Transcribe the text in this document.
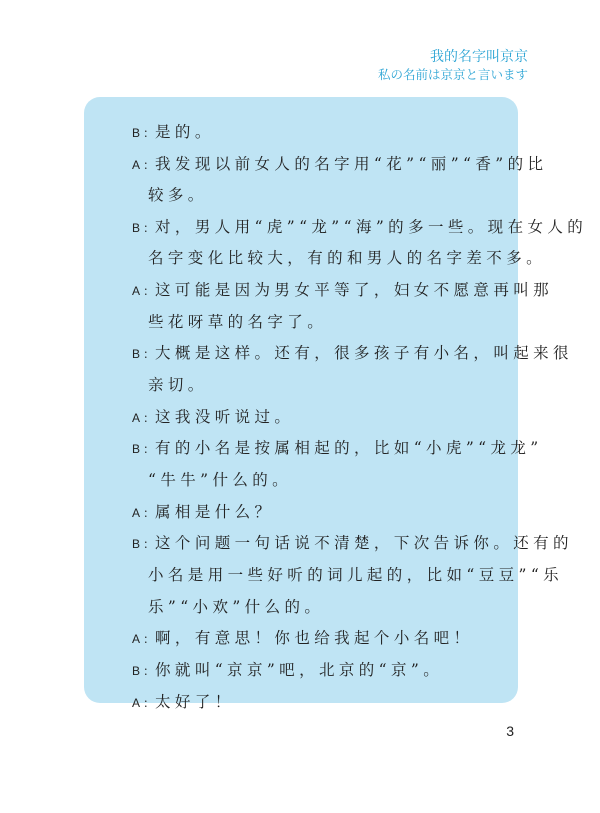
我的名字叫京京
私の名前は京京と言います
B ：是的。
A ：我发现以前女人的名字用“花”“丽”“香”的比
较多。
B ：对，男人用“虎”“龙”“海”的多一些。现在女人的
名字变化比较大，有的和男人的名字差不多。
A ：这可能是因为男女平等了，妇女不愿意再叫那
些花呀草的名字了。
B ：大概是这样。还有，很多孩子有小名，叫起来很
亲切。
A ：这我没听说过。
B ：有的小名是按属相起的，比如“小虎”“龙龙”
“牛牛”什么的。
A ：属相是什么？
B ：这个问题一句话说不清楚，下次告诉你。还有的
小名是用一些好听的词儿起的，比如“豆豆”“乐
乐”“小欢”什么的。
A ：啊，有意思！你也给我起个小名吧！
B ：你就叫“京京”吧，北京的“京”。
A ：太好了！
3
